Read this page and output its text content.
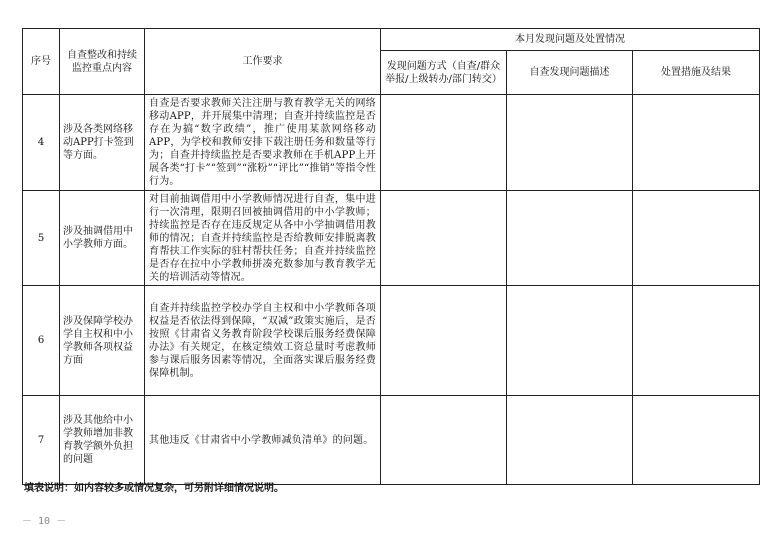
序号	自查整改和持续监控重点内容	工作要求	本月发现问题及处置情况		
			发现问题方式（自查/群众举报/上级转办/部门转交）	自查发现问题描述	处置措施及结果
4	涉及各类网络移动APP打卡签到等方面。	自查是否要求教师关注注册与教育教学无关的网络移动APP，并开展集中清理；自查并持续监控是否存在为搞“数字政绩”，推广使用某款网络移动APP，为学校和教师安排下载注册任务和数量等行为；自查并持续监控是否要求教师在手机APP上开展各类“打卡”“签到”“涨粉”“评比”“推销”等指令性行为。			
5	涉及抽调借用中小学教师方面。	对目前抽调借用中小学教师情况进行自查，集中进行一次清理，限期召回被抽调借用的中小学教师；持续监控是否存在违反规定从各中小学抽调借用教师的情况；自查并持续监控是否给教师安排脱离教育帮扶工作实际的驻村帮扶任务；自查并持续监控是否存在拉中小学教师拼凑充数参加与教育教学无关的培训活动等情况。			
6	涉及保障学校办学自主权和中小学教师各项权益方面	自查并持续监控学校办学自主权和中小学教师各项权益是否依法得到保障，“双减”政策实施后，是否按照《甘肃省义务教育阶段学校课后服务经费保障办法》有关规定，在核定绩效工资总量时考虑教师参与课后服务因素等情况，全面落实课后服务经费保障机制。			
7	涉及其他给中小学教师增加非教育教学额外负担的问题	其他违反《甘肃省中小学教师减负清单》的问题。			
填表说明：如内容较多或情况复杂，可另附详细情况说明。
－ 10 －
